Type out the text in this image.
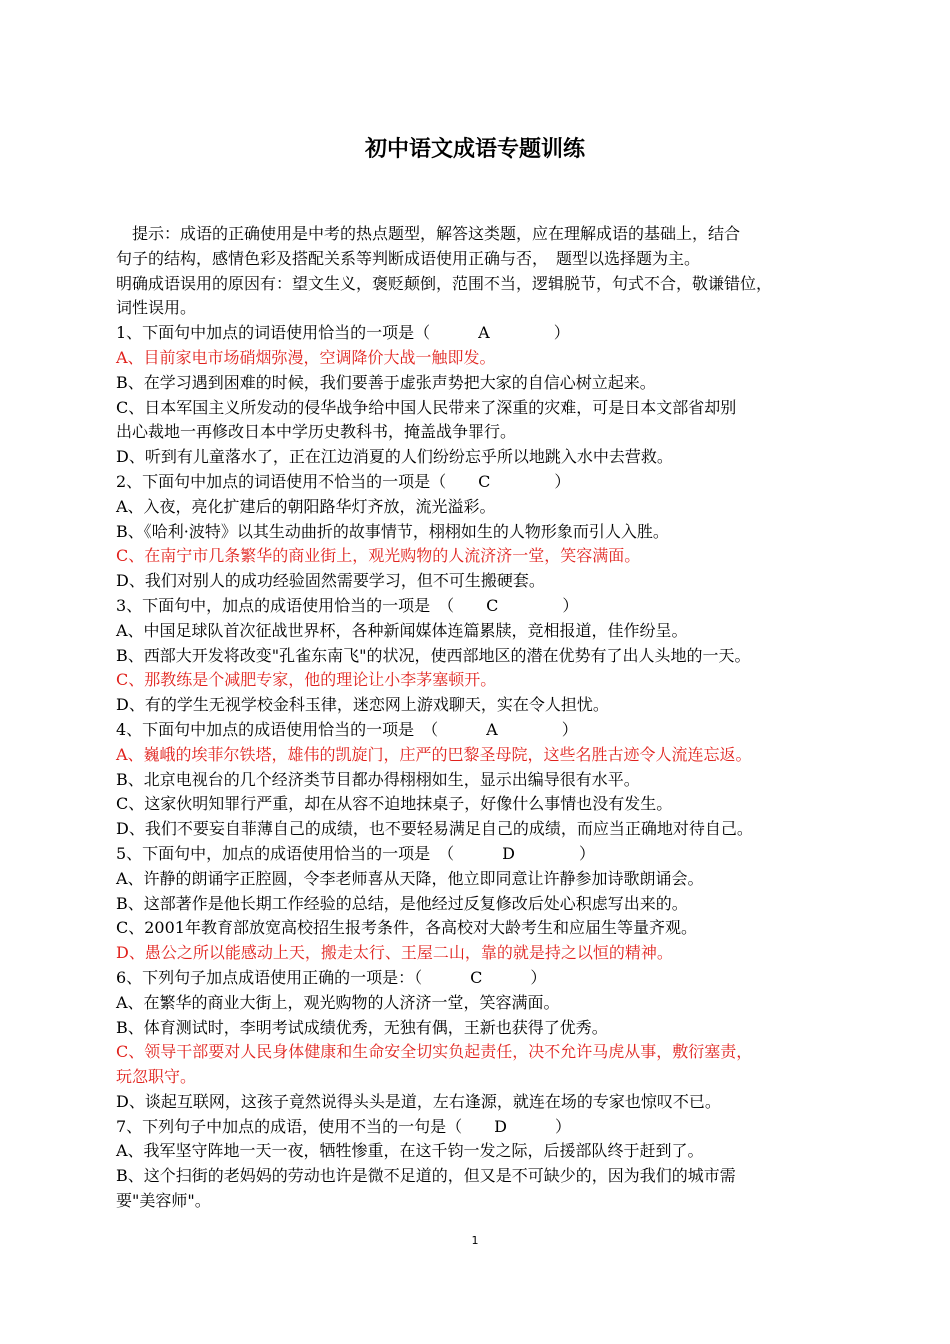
初中语文成语专题训练
　提示：成语的正确使用是中考的热点题型，解答这类题，应在理解成语的基础上，结合
句子的结构，感情色彩及搭配关系等判断成语使用正确与否，　题型以选择题为主。
明确成语误用的原因有：望文生义，褒贬颠倒，范围不当，逻辑脱节，句式不合，敬谦错位，
词性误用。
1、下面句中加点的词语使用恰当的一项是（　　　A　　　　）
A、目前家电市场硝烟弥漫，空调降价大战一触即发。
B、在学习遇到困难的时候，我们要善于虚张声势把大家的自信心树立起来。
C、日本军国主义所发动的侵华战争给中国人民带来了深重的灾难，可是日本文部省却别
出心裁地一再修改日本中学历史教科书，掩盖战争罪行。
D、听到有儿童落水了，正在江边消夏的人们纷纷忘乎所以地跳入水中去营救。
2、下面句中加点的词语使用不恰当的一项是（　　C　　　　）
A、入夜，亮化扩建后的朝阳路华灯齐放，流光溢彩。
B、《哈利·波特》以其生动曲折的故事情节，栩栩如生的人物形象而引人入胜。
C、在南宁市几条繁华的商业街上，观光购物的人流济济一堂，笑容满面。
D、我们对别人的成功经验固然需要学习，但不可生搬硬套。
3、下面句中，加点的成语使用恰当的一项是　（　　C　　　　）
A、中国足球队首次征战世界杯，各种新闻媒体连篇累牍，竞相报道，佳作纷呈。
B、西部大开发将改变"孔雀东南飞"的状况，使西部地区的潜在优势有了出人头地的一天。
C、那教练是个减肥专家，他的理论让小李茅塞顿开。
D、有的学生无视学校金科玉律，迷恋网上游戏聊天，实在令人担忧。
4、下面句中加点的成语使用恰当的一项是　（　　　A　　　　）
A、巍峨的埃菲尔铁塔，雄伟的凯旋门，庄严的巴黎圣母院，这些名胜古迹令人流连忘返。
B、北京电视台的几个经济类节目都办得栩栩如生，显示出编导很有水平。
C、这家伙明知罪行严重，却在从容不迫地抹桌子，好像什么事情也没有发生。
D、我们不要妄自菲薄自己的成绩，也不要轻易满足自己的成绩，而应当正确地对待自己。
5、下面句中，加点的成语使用恰当的一项是　（　　　D　　　　）
A、许静的朗诵字正腔圆，令李老师喜从天降，他立即同意让许静参加诗歌朗诵会。
B、这部著作是他长期工作经验的总结，是他经过反复修改后处心积虑写出来的。
C、2001年教育部放宽高校招生报考条件，各高校对大龄考生和应届生等量齐观。
D、愚公之所以能感动上天，搬走太行、王屋二山，靠的就是持之以恒的精神。
6、下列句子加点成语使用正确的一项是：（　　　C　　　）
A、在繁华的商业大街上，观光购物的人济济一堂，笑容满面。
B、体育测试时，李明考试成绩优秀，无独有偶，王新也获得了优秀。
C、领导干部要对人民身体健康和生命安全切实负起责任，决不允许马虎从事，敷衍塞责，
玩忽职守。
D、谈起互联网，这孩子竟然说得头头是道，左右逢源，就连在场的专家也惊叹不已。
7、下列句子中加点的成语，使用不当的一句是（　　D　　　）
A、我军坚守阵地一天一夜，牺牲惨重，在这千钧一发之际，后援部队终于赶到了。
B、这个扫街的老妈妈的劳动也许是微不足道的，但又是不可缺少的，因为我们的城市需
要"美容师"。
1
